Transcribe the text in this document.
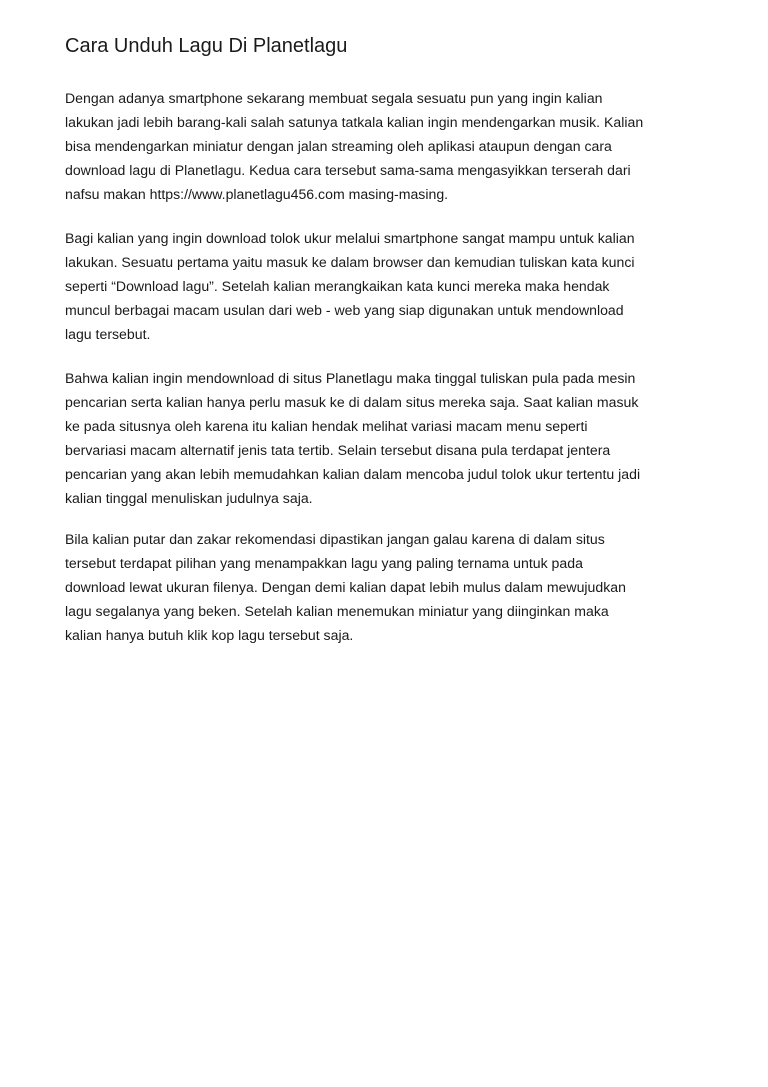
Cara Unduh Lagu Di Planetlagu

Dengan adanya smartphone sekarang membuat segala sesuatu pun yang ingin kalian
lakukan jadi lebih barang-kali salah satunya tatkala kalian ingin mendengarkan musik. Kalian
bisa mendengarkan miniatur dengan jalan streaming oleh aplikasi ataupun dengan cara
download lagu di Planetlagu. Kedua cara tersebut sama-sama mengasyikkan terserah dari
nafsu makan https://www.planetlagu456.com masing-masing.

Bagi kalian yang ingin download tolok ukur melalui smartphone sangat mampu untuk kalian
lakukan. Sesuatu pertama yaitu masuk ke dalam browser dan kemudian tuliskan kata kunci
seperti “Download lagu”. Setelah kalian merangkaikan kata kunci mereka maka hendak
muncul berbagai macam usulan dari web - web yang siap digunakan untuk mendownload
lagu tersebut.

Bahwa kalian ingin mendownload di situs Planetlagu maka tinggal tuliskan pula pada mesin
pencarian serta kalian hanya perlu masuk ke di dalam situs mereka saja. Saat kalian masuk
ke pada situsnya oleh karena itu kalian hendak melihat variasi macam menu seperti
bervariasi macam alternatif jenis tata tertib. Selain tersebut disana pula terdapat jentera
pencarian yang akan lebih memudahkan kalian dalam mencoba judul tolok ukur tertentu jadi
kalian tinggal menuliskan judulnya saja.

Bila kalian putar dan zakar rekomendasi dipastikan jangan galau karena di dalam situs
tersebut terdapat pilihan yang menampakkan lagu yang paling ternama untuk pada
download lewat ukuran filenya. Dengan demi kalian dapat lebih mulus dalam mewujudkan
lagu segalanya yang beken. Setelah kalian menemukan miniatur yang diinginkan maka
kalian hanya butuh klik kop lagu tersebut saja.
